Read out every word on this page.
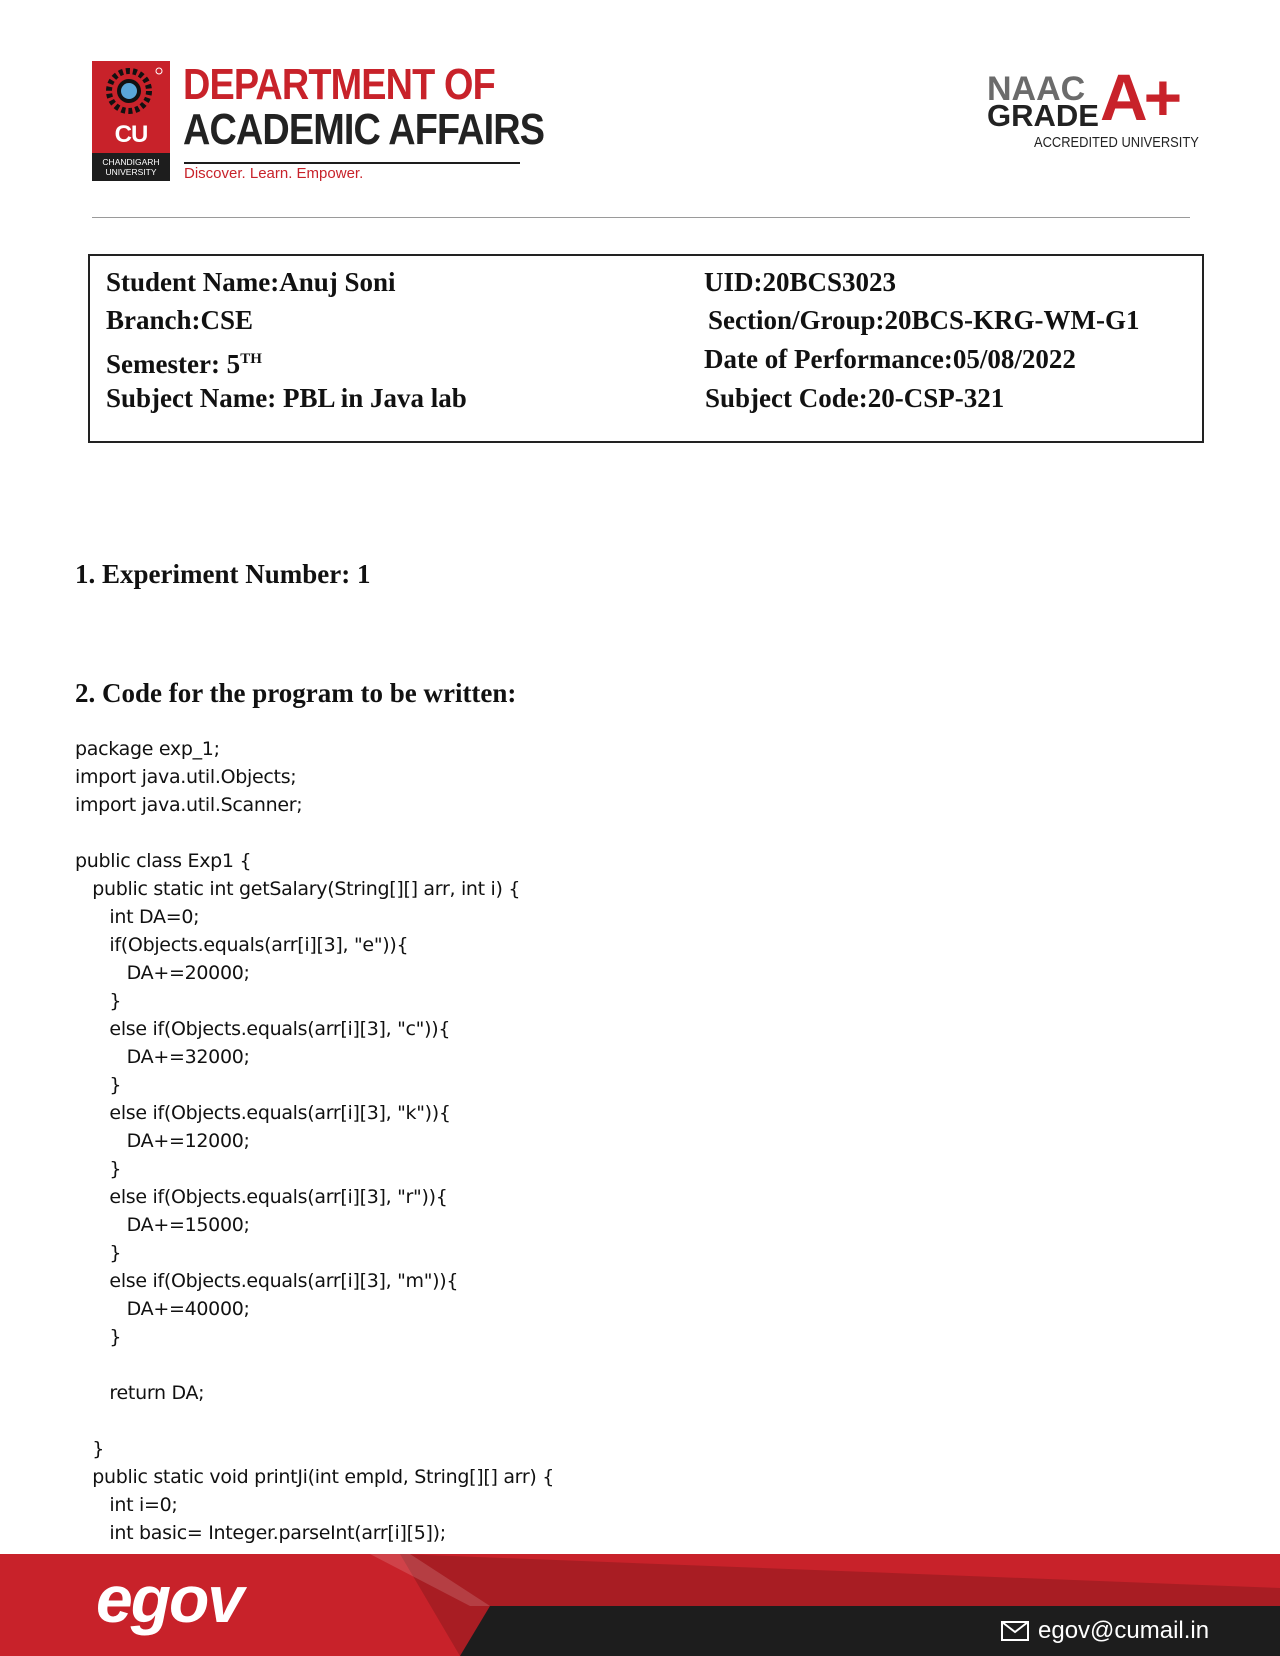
CU
CHANDIGARH UNIVERSITY
DEPARTMENT OF
ACADEMIC AFFAIRS
Discover. Learn. Empower.
NAAC
GRADE A+
ACCREDITED UNIVERSITY
Student Name:Anuj Soni	UID:20BCS3023
Branch:CSE	Section/Group:20BCS-KRG-WM-G1
Semester: 5TH	Date of Performance:05/08/2022
Subject Name: PBL in Java lab	Subject Code:20-CSP-321
1. Experiment Number: 1
2. Code for the program to be written:
package exp_1;
import java.util.Objects;
import java.util.Scanner;
public class Exp1 {
public static int getSalary(String[][] arr, int i) {
int DA=0;
if(Objects.equals(arr[i][3], "e")){
DA+=20000;
}
else if(Objects.equals(arr[i][3], "c")){
DA+=32000;
}
else if(Objects.equals(arr[i][3], "k")){
DA+=12000;
}
else if(Objects.equals(arr[i][3], "r")){
DA+=15000;
}
else if(Objects.equals(arr[i][3], "m")){
DA+=40000;
}
return DA;
}
public static void printJi(int empId, String[][] arr) {
int i=0;
int basic= Integer.parseInt(arr[i][5]);
egov	egov@cumail.in
